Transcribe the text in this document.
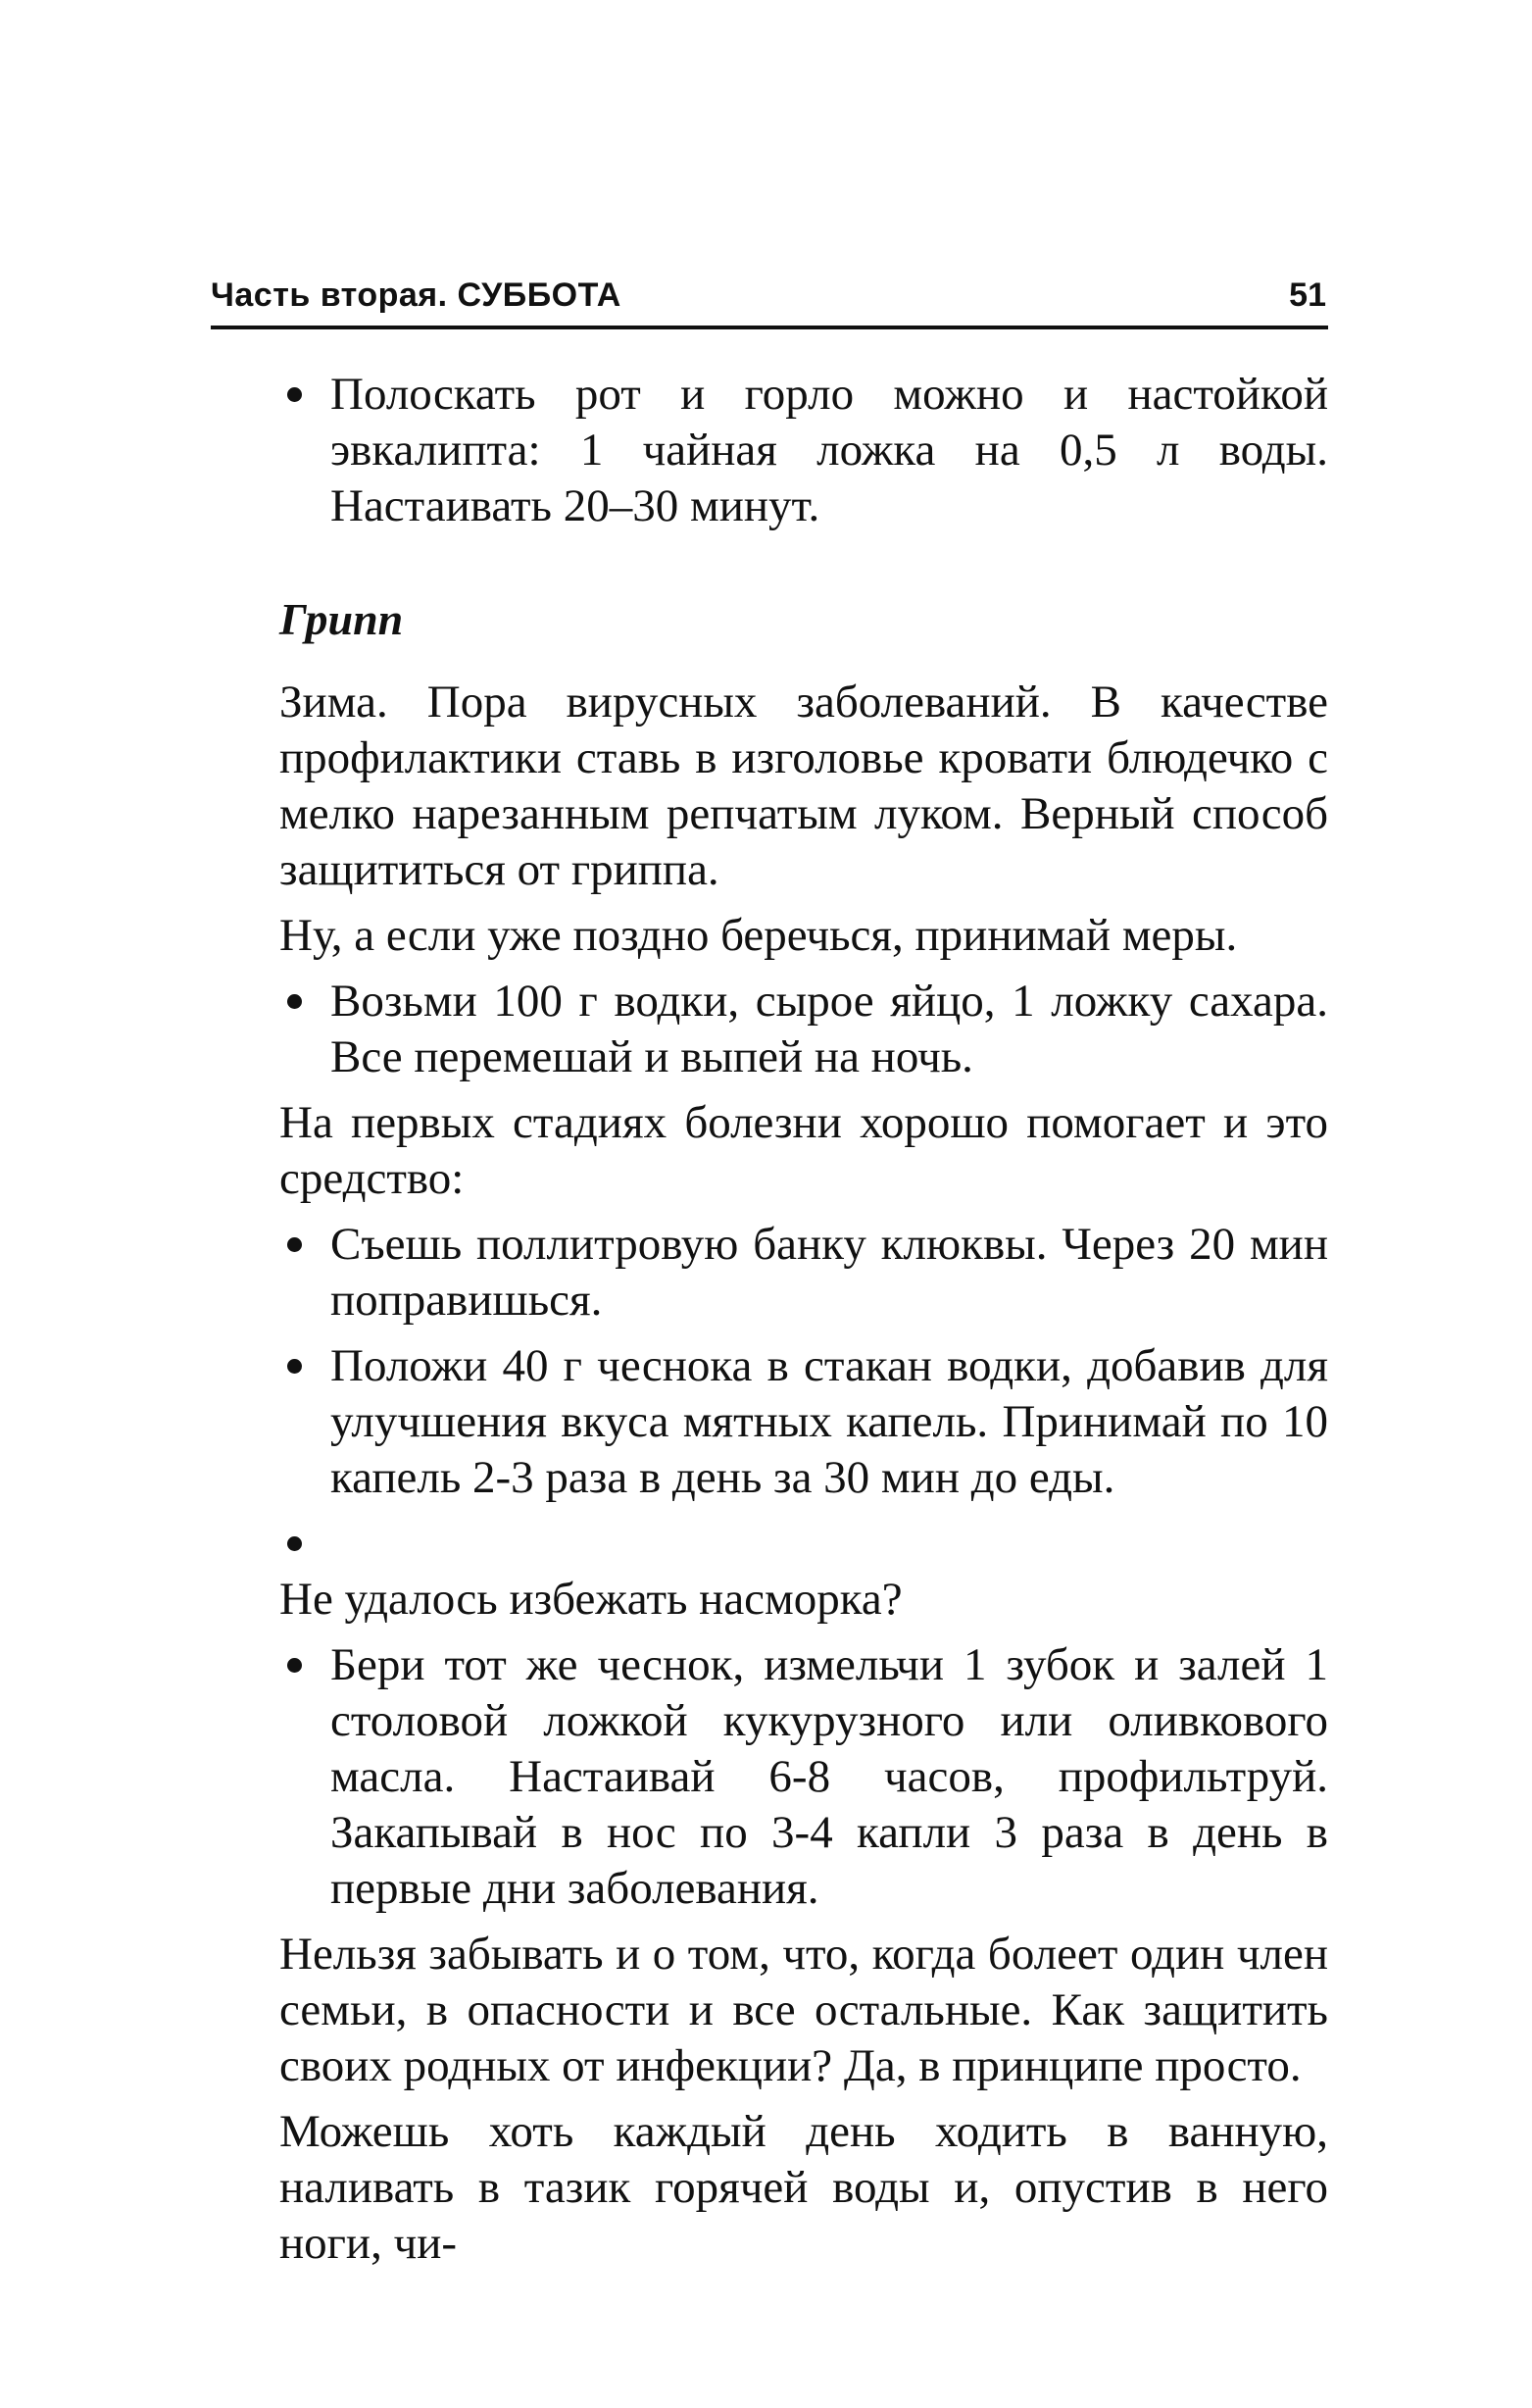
Часть вторая. СУББОТА	51

Полоскать рот и горло можно и настойкой эвкалипта: 1 чайная ложка на 0,5 л воды. Настаивать 20–30 минут.

Грипп

Зима. Пора вирусных заболеваний. В качестве профилактики ставь в изголовье кровати блюдечко с мелко нарезанным репчатым луком. Верный способ защититься от гриппа.

Ну, а если уже поздно беречься, принимай меры.

Возьми 100 г водки, сырое яйцо, 1 ложку сахара. Все перемешай и выпей на ночь.

На первых стадиях болезни хорошо помогает и это средство:

Съешь поллитровую банку клюквы. Через 20 мин поправишься.

Положи 40 г чеснока в стакан водки, добавив для улучшения вкуса мятных капель. Принимай по 10 капель 2-3 раза в день за 30 мин до еды.

Не удалось избежать насморка?

Бери тот же чеснок, измельчи 1 зубок и залей 1 столовой ложкой кукурузного или оливкового масла. Настаивай 6-8 часов, профильтруй. Закапывай в нос по 3-4 капли 3 раза в день в первые дни заболевания.

Нельзя забывать и о том, что, когда болеет один член семьи, в опасности и все остальные. Как защитить своих родных от инфекции? Да, в принципе просто.

Можешь хоть каждый день ходить в ванную, наливать в тазик горячей воды и, опустив в него ноги, чи-
